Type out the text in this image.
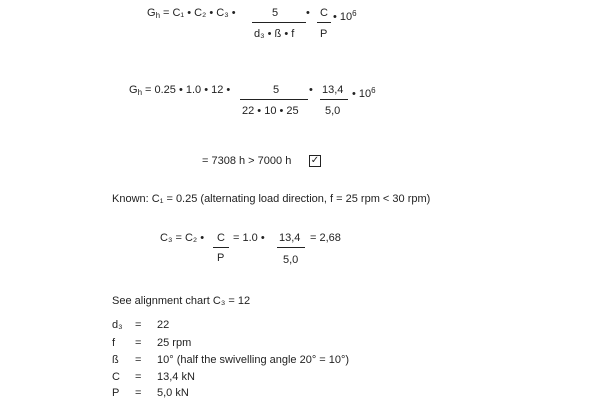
$G_h = C_1$ • C₂ • C₃ •	5
d₃ • ß • f
• C
P
• $10^6$
$G_h = 0.25$ • 1.0 • 12 •	5
22 • 10 • 25
• 13,4
5,0
• $10^6$
= 7308 h > 7000 h ✓
Known: C₁ = 0.25 (alternating load direction, f = 25 rpm < 30 rpm)
C₃ = C₂ • C
P
= 1.0 • 13,4
5,0
= 2,68
See alignment chart C₃ = 12
d₃ = 22
f = 25 rpm
ß = 10° (half the swivelling angle 20° = 10°)
C = 13,4 kN
P = 5,0 kN
